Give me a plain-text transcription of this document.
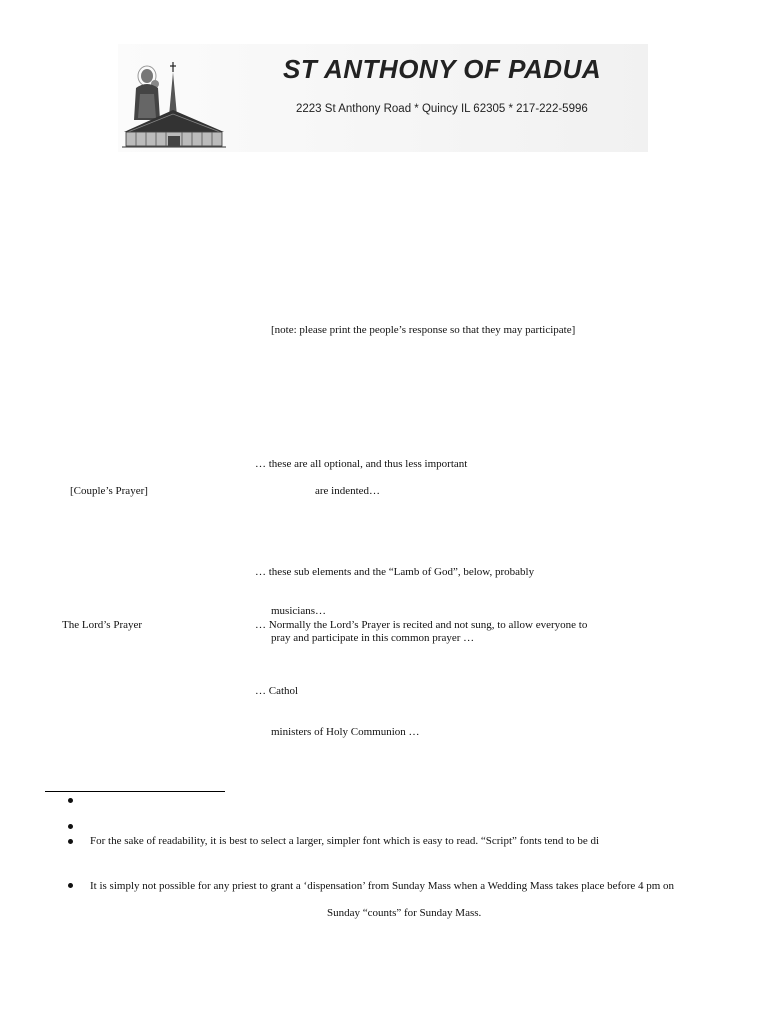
ST ANTHONY OF PADUA
2223 St Anthony Road * Quincy IL 62305 * 217-222-5996
[note: please print the people’s response so that they may participate]
… these are all optional, and thus less important
[Couple’s Prayer]	are indented…
… these sub elements and the “Lamb of God”, below, probably
musicians…
The Lord’s Prayer	… Normally the Lord’s Prayer is recited and not sung, to allow everyone to
pray and participate in this common prayer …
… Cathol
ministers of Holy Communion …
For the sake of readability, it is best to select a larger, simpler font which is easy to read. “Script” fonts tend to be di
It is simply not possible for any priest to grant a ‘dispensation’ from Sunday Mass when a Wedding Mass takes place before 4 pm on
Sunday “counts” for Sunday Mass.
